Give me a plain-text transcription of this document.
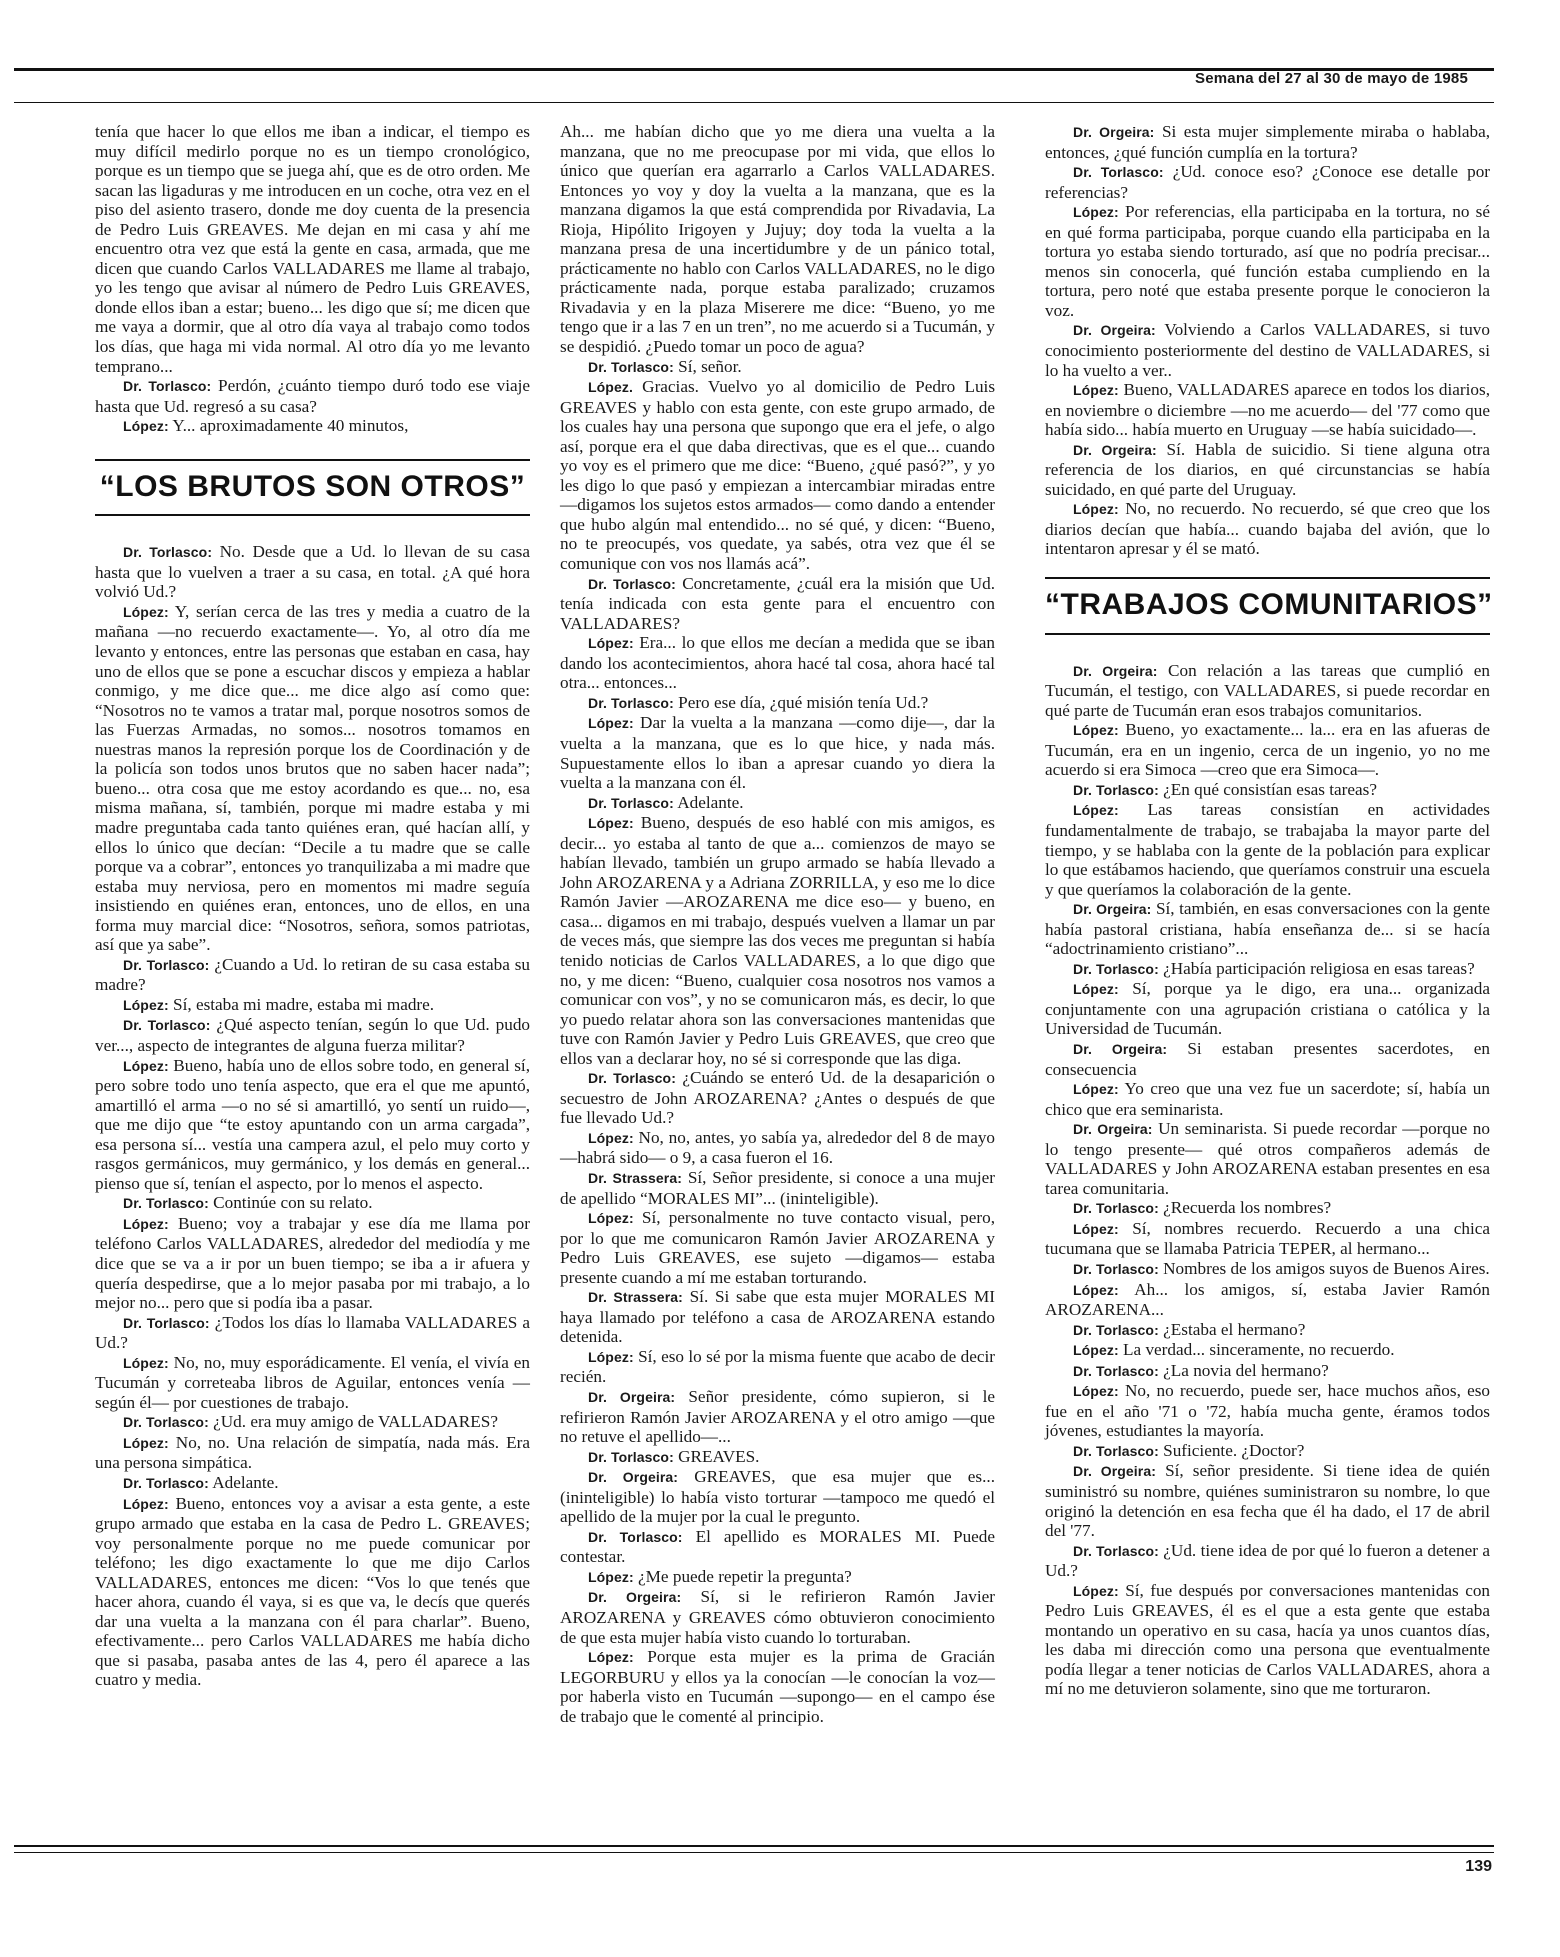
Semana del 27 al 30 de mayo de 1985

tenía que hacer lo que ellos me iban a indicar, el tiempo es muy difícil medirlo porque no es un tiempo cronológico, porque es un tiempo que se juega ahí, que es de otro orden. Me sacan las ligaduras y me introducen en un coche, otra vez en el piso del asiento trasero, donde me doy cuenta de la presencia de Pedro Luis GREAVES. Me dejan en mi casa y ahí me encuentro otra vez que está la gente en casa, armada, que me dicen que cuando Carlos VALLADARES me llame al trabajo, yo les tengo que avisar al número de Pedro Luis GREAVES, donde ellos iban a estar; bueno... les digo que sí; me dicen que me vaya a dormir, que al otro día vaya al trabajo como todos los días, que haga mi vida normal. Al otro día yo me levanto temprano...

Dr. Torlasco: Perdón, ¿cuánto tiempo duró todo ese viaje hasta que Ud. regresó a su casa?

López: Y... aproximadamente 40 minutos,

“LOS BRUTOS SON OTROS”

Dr. Torlasco: No. Desde que a Ud. lo llevan de su casa hasta que lo vuelven a traer a su casa, en total. ¿A qué hora volvió Ud.?

López: Y, serían cerca de las tres y media a cuatro de la mañana —no recuerdo exactamente—. Yo, al otro día me levanto y entonces, entre las personas que estaban en casa, hay uno de ellos que se pone a escuchar discos y empieza a hablar conmigo, y me dice que... me dice algo así como que: “Nosotros no te vamos a tratar mal, porque nosotros somos de las Fuerzas Armadas, no somos... nosotros tomamos en nuestras manos la represión porque los de Coordinación y de la policía son todos unos brutos que no saben hacer nada”; bueno... otra cosa que me estoy acordando es que... no, esa misma mañana, sí, también, porque mi madre estaba y mi madre preguntaba cada tanto quiénes eran, qué hacían allí, y ellos lo único que decían: “Decile a tu madre que se calle porque va a cobrar”, entonces yo tranquilizaba a mi madre que estaba muy nerviosa, pero en momentos mi madre seguía insistiendo en quiénes eran, entonces, uno de ellos, en una forma muy marcial dice: “Nosotros, señora, somos patriotas, así que ya sabe”.

Dr. Torlasco: ¿Cuando a Ud. lo retiran de su casa estaba su madre?

López: Sí, estaba mi madre, estaba mi madre.

Dr. Torlasco: ¿Qué aspecto tenían, según lo que Ud. pudo ver..., aspecto de integrantes de alguna fuerza militar?

López: Bueno, había uno de ellos sobre todo, en general sí, pero sobre todo uno tenía aspecto, que era el que me apuntó, amartilló el arma —o no sé si amartilló, yo sentí un ruido—, que me dijo que “te estoy apuntando con un arma cargada”, esa persona sí... vestía una campera azul, el pelo muy corto y rasgos germánicos, muy germánico, y los demás en general... pienso que sí, tenían el aspecto, por lo menos el aspecto.

Dr. Torlasco: Continúe con su relato.

López: Bueno; voy a trabajar y ese día me llama por teléfono Carlos VALLADARES, alrededor del mediodía y me dice que se va a ir por un buen tiempo; se iba a ir afuera y quería despedirse, que a lo mejor pasaba por mi trabajo, a lo mejor no... pero que si podía iba a pasar.

Dr. Torlasco: ¿Todos los días lo llamaba VALLADARES a Ud.?

López: No, no, muy esporádicamente. El venía, el vivía en Tucumán y correteaba libros de Aguilar, entonces venía —según él— por cuestiones de trabajo.

Dr. Torlasco: ¿Ud. era muy amigo de VALLADARES?

López: No, no. Una relación de simpatía, nada más. Era una persona simpática.

Dr. Torlasco: Adelante.

López: Bueno, entonces voy a avisar a esta gente, a este grupo armado que estaba en la casa de Pedro L. GREAVES; voy personalmente porque no me puede comunicar por teléfono; les digo exactamente lo que me dijo Carlos VALLADARES, entonces me dicen: “Vos lo que tenés que hacer ahora, cuando él vaya, si es que va, le decís que querés dar una vuelta a la manzana con él para charlar”. Bueno, efectivamente... pero Carlos VALLADARES me había dicho que si pasaba, pasaba antes de las 4, pero él aparece a las cuatro y media.

Ah... me habían dicho que yo me diera una vuelta a la manzana, que no me preocupase por mi vida, que ellos lo único que querían era agarrarlo a Carlos VALLADARES. Entonces yo voy y doy la vuelta a la manzana, que es la manzana digamos la que está comprendida por Rivadavia, La Rioja, Hipólito Irigoyen y Jujuy; doy toda la vuelta a la manzana presa de una incertidumbre y de un pánico total, prácticamente no hablo con Carlos VALLADARES, no le digo prácticamente nada, porque estaba paralizado; cruzamos Rivadavia y en la plaza Miserere me dice: “Bueno, yo me tengo que ir a las 7 en un tren”, no me acuerdo si a Tucumán, y se despidió. ¿Puedo tomar un poco de agua?

Dr. Torlasco: Sí, señor.

López. Gracias. Vuelvo yo al domicilio de Pedro Luis GREAVES y hablo con esta gente, con este grupo armado, de los cuales hay una persona que supongo que era el jefe, o algo así, porque era el que daba directivas, que es el que... cuando yo voy es el primero que me dice: “Bueno, ¿qué pasó?”, y yo les digo lo que pasó y empiezan a intercambiar miradas entre —digamos los sujetos estos armados— como dando a entender que hubo algún mal entendido... no sé qué, y dicen: “Bueno, no te preocupés, vos quedate, ya sabés, otra vez que él se comunique con vos nos llamás acá”.

Dr. Torlasco: Concretamente, ¿cuál era la misión que Ud. tenía indicada con esta gente para el encuentro con VALLADARES?

López: Era... lo que ellos me decían a medida que se iban dando los acontecimientos, ahora hacé tal cosa, ahora hacé tal otra... entonces...

Dr. Torlasco: Pero ese día, ¿qué misión tenía Ud.?

López: Dar la vuelta a la manzana —como dije—, dar la vuelta a la manzana, que es lo que hice, y nada más. Supuestamente ellos lo iban a apresar cuando yo diera la vuelta a la manzana con él.

Dr. Torlasco: Adelante.

López: Bueno, después de eso hablé con mis amigos, es decir... yo estaba al tanto de que a... comienzos de mayo se habían llevado, también un grupo armado se había llevado a John AROZARENA y a Adriana ZORRILLA, y eso me lo dice Ramón Javier —AROZARENA me dice eso— y bueno, en casa... digamos en mi trabajo, después vuelven a llamar un par de veces más, que siempre las dos veces me preguntan si había tenido noticias de Carlos VALLADARES, a lo que digo que no, y me dicen: “Bueno, cualquier cosa nosotros nos vamos a comunicar con vos”, y no se comunicaron más, es decir, lo que yo puedo relatar ahora son las conversaciones mantenidas que tuve con Ramón Javier y Pedro Luis GREAVES, que creo que ellos van a declarar hoy, no sé si corresponde que las diga.

Dr. Torlasco: ¿Cuándo se enteró Ud. de la desaparición o secuestro de John AROZARENA? ¿Antes o después de que fue llevado Ud.?

López: No, no, antes, yo sabía ya, alrededor del 8 de mayo —habrá sido— o 9, a casa fueron el 16.

Dr. Strassera: Sí, Señor presidente, si conoce a una mujer de apellido “MORALES MI”... (ininteligible).

López: Sí, personalmente no tuve contacto visual, pero, por lo que me comunicaron Ramón Javier AROZARENA y Pedro Luis GREAVES, ese sujeto —digamos— estaba presente cuando a mí me estaban torturando.

Dr. Strassera: Sí. Si sabe que esta mujer MORALES MI haya llamado por teléfono a casa de AROZARENA estando detenida.

López: Sí, eso lo sé por la misma fuente que acabo de decir recién.

Dr. Orgeira: Señor presidente, cómo supieron, si le refirieron Ramón Javier AROZARENA y el otro amigo —que no retuve el apellido—...

Dr. Torlasco: GREAVES.

Dr. Orgeira: GREAVES, que esa mujer que es... (ininteligible) lo había visto torturar —tampoco me quedó el apellido de la mujer por la cual le pregunto.

Dr. Torlasco: El apellido es MORALES MI. Puede contestar.

López: ¿Me puede repetir la pregunta?

Dr. Orgeira: Sí, si le refirieron Ramón Javier AROZARENA y GREAVES cómo obtuvieron conocimiento de que esta mujer había visto cuando lo torturaban.

López: Porque esta mujer es la prima de Gracián LEGORBURU y ellos ya la conocían —le conocían la voz— por haberla visto en Tucumán —supongo— en el campo ése de trabajo que le comenté al principio.

Dr. Orgeira: Si esta mujer simplemente miraba o hablaba, entonces, ¿qué función cumplía en la tortura?

Dr. Torlasco: ¿Ud. conoce eso? ¿Conoce ese detalle por referencias?

López: Por referencias, ella participaba en la tortura, no sé en qué forma participaba, porque cuando ella participaba en la tortura yo estaba siendo torturado, así que no podría precisar... menos sin conocerla, qué función estaba cumpliendo en la tortura, pero noté que estaba presente porque le conocieron la voz.

Dr. Orgeira: Volviendo a Carlos VALLADARES, si tuvo conocimiento posteriormente del destino de VALLADARES, si lo ha vuelto a ver..

López: Bueno, VALLADARES aparece en todos los diarios, en noviembre o diciembre —no me acuerdo— del '77 como que había sido... había muerto en Uruguay —se había suicidado—.

Dr. Orgeira: Sí. Habla de suicidio. Si tiene alguna otra referencia de los diarios, en qué circunstancias se había suicidado, en qué parte del Uruguay.

López: No, no recuerdo. No recuerdo, sé que creo que los diarios decían que había... cuando bajaba del avión, que lo intentaron apresar y él se mató.

“TRABAJOS COMUNITARIOS”

Dr. Orgeira: Con relación a las tareas que cumplió en Tucumán, el testigo, con VALLADARES, si puede recordar en qué parte de Tucumán eran esos trabajos comunitarios.

López: Bueno, yo exactamente... la... era en las afueras de Tucumán, era en un ingenio, cerca de un ingenio, yo no me acuerdo si era Simoca —creo que era Simoca—.

Dr. Torlasco: ¿En qué consistían esas tareas?

López: Las tareas consistían en actividades fundamentalmente de trabajo, se trabajaba la mayor parte del tiempo, y se hablaba con la gente de la población para explicar lo que estábamos haciendo, que queríamos construir una escuela y que queríamos la colaboración de la gente.

Dr. Orgeira: Sí, también, en esas conversaciones con la gente había pastoral cristiana, había enseñanza de... si se hacía “adoctrinamiento cristiano”...

Dr. Torlasco: ¿Había participación religiosa en esas tareas?

López: Sí, porque ya le digo, era una... organizada conjuntamente con una agrupación cristiana o católica y la Universidad de Tucumán.

Dr. Orgeira: Si estaban presentes sacerdotes, en consecuencia

López: Yo creo que una vez fue un sacerdote; sí, había un chico que era seminarista.

Dr. Orgeira: Un seminarista. Si puede recordar —porque no lo tengo presente— qué otros compañeros además de VALLADARES y John AROZARENA estaban presentes en esa tarea comunitaria.

Dr. Torlasco: ¿Recuerda los nombres?

López: Sí, nombres recuerdo. Recuerdo a una chica tucumana que se llamaba Patricia TEPER, al hermano...

Dr. Torlasco: Nombres de los amigos suyos de Buenos Aires.

López: Ah... los amigos, sí, estaba Javier Ramón AROZARENA...

Dr. Torlasco: ¿Estaba el hermano?

López: La verdad... sinceramente, no recuerdo.

Dr. Torlasco: ¿La novia del hermano?

López: No, no recuerdo, puede ser, hace muchos años, eso fue en el año '71 o '72, había mucha gente, éramos todos jóvenes, estudiantes la mayoría.

Dr. Torlasco: Suficiente. ¿Doctor?

Dr. Orgeira: Sí, señor presidente. Si tiene idea de quién suministró su nombre, quiénes suministraron su nombre, lo que originó la detención en esa fecha que él ha dado, el 17 de abril del '77.

Dr. Torlasco: ¿Ud. tiene idea de por qué lo fueron a detener a Ud.?

López: Sí, fue después por conversaciones mantenidas con Pedro Luis GREAVES, él es el que a esta gente que estaba montando un operativo en su casa, hacía ya unos cuantos días, les daba mi dirección como una persona que eventualmente podía llegar a tener noticias de Carlos VALLADARES, ahora a mí no me detuvieron solamente, sino que me torturaron.

139
